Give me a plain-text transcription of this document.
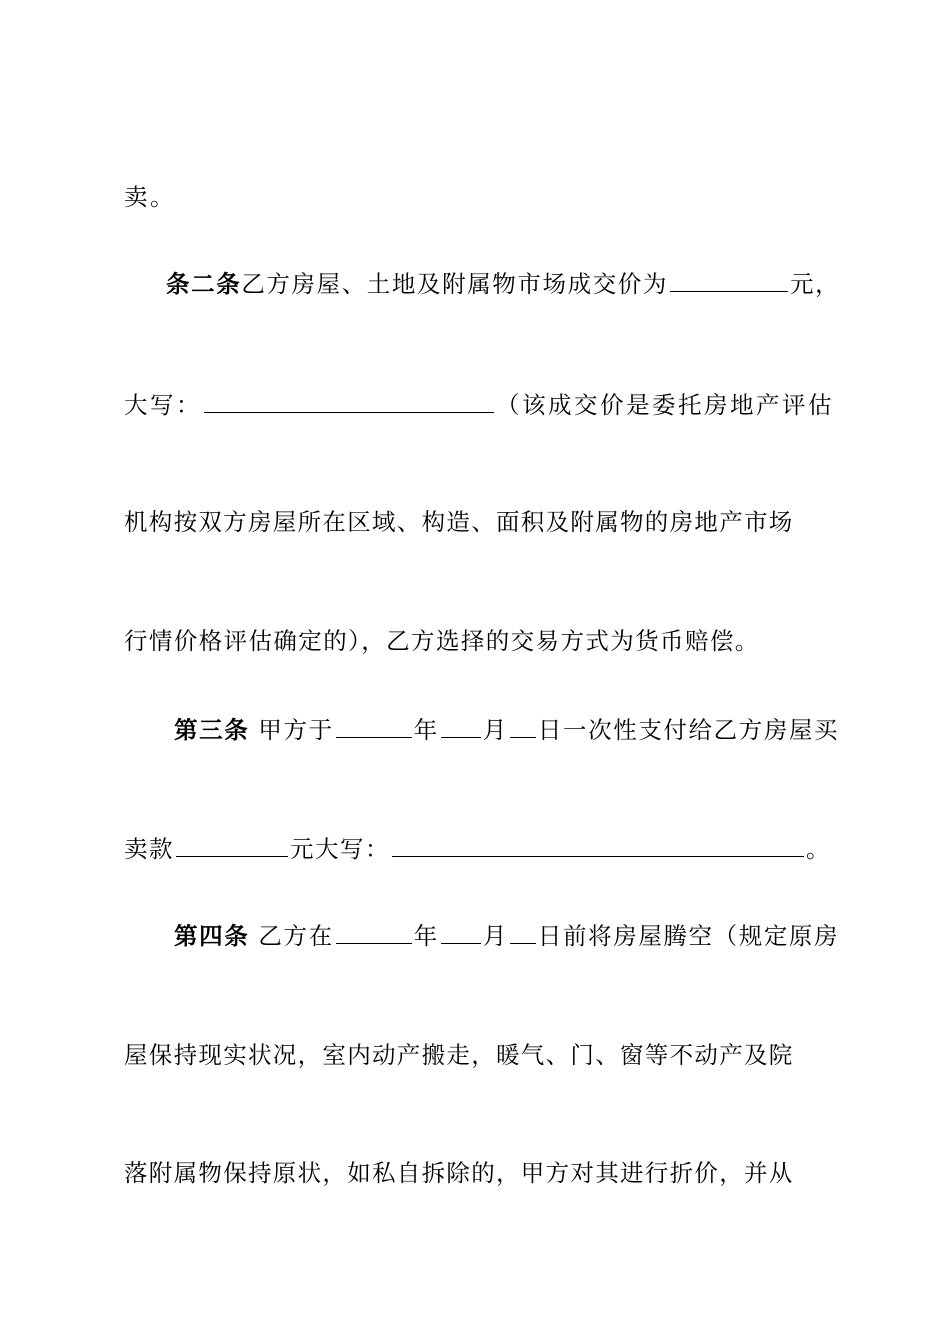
卖。
条二条乙方房屋、土地及附属物市场成交价为	元，
大写：	（该成交价是委托房地产评估
机构按双方房屋所在区域、构造、面积及附属物的房地产市场
行情价格评估确定的），乙方选择的交易方式为货币赔偿。
第三条 甲方于	年 月 日一次性支付给乙方房屋买
卖款	元大写：	。
第四条 乙方在	年 月 日前将房屋腾空（规定原房
屋保持现实状况，室内动产搬走，暖气、门、窗等不动产及院
落附属物保持原状，如私自拆除的，甲方对其进行折价，并从
